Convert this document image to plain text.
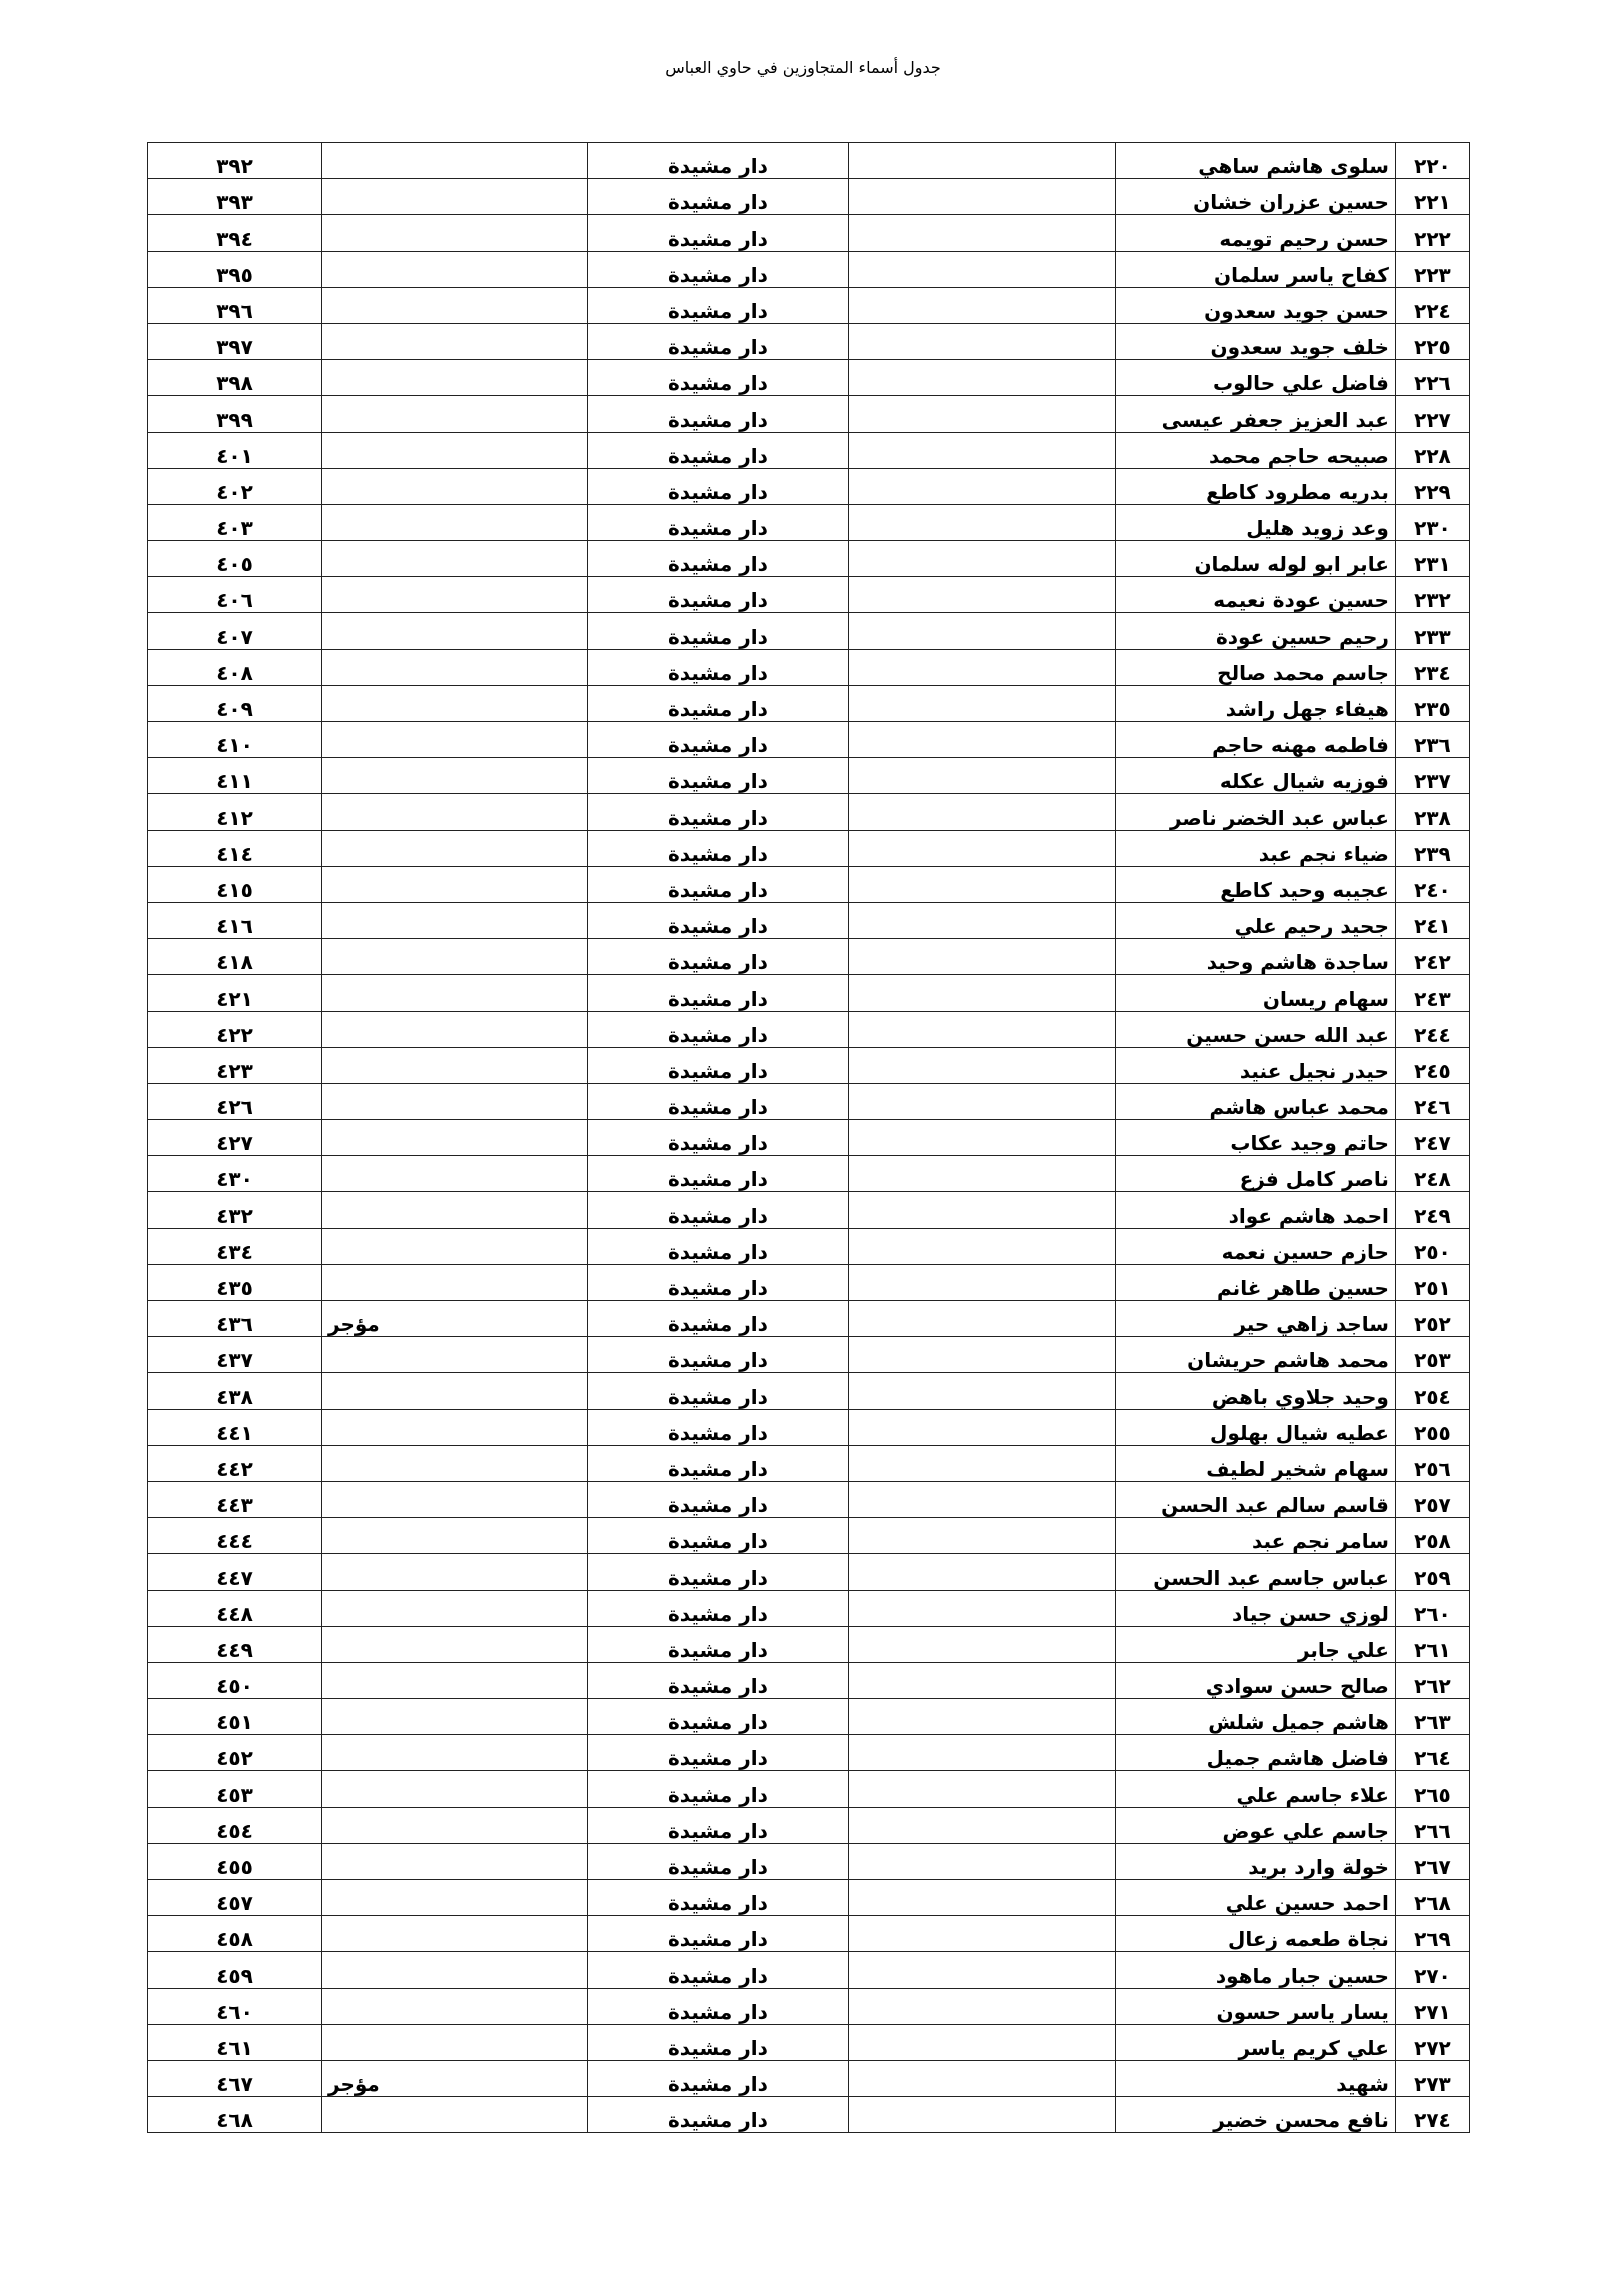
جدول أسماء المتجاوزين في حاوي العباس
٢٢٠	سلوى هاشم ساهي		دار مشيدة		٣٩٢
٢٢١	حسين عزران خشان		دار مشيدة		٣٩٣
٢٢٢	حسن رحيم تويمه		دار مشيدة		٣٩٤
٢٢٣	كفاح ياسر سلمان		دار مشيدة		٣٩٥
٢٢٤	حسن جويد سعدون		دار مشيدة		٣٩٦
٢٢٥	خلف جويد سعدون		دار مشيدة		٣٩٧
٢٢٦	فاضل علي حالوب		دار مشيدة		٣٩٨
٢٢٧	عبد العزيز جعفر عيسى		دار مشيدة		٣٩٩
٢٢٨	صبيحه حاجم محمد		دار مشيدة		٤٠١
٢٢٩	بدريه مطرود كاطع		دار مشيدة		٤٠٢
٢٣٠	وعد زويد هليل		دار مشيدة		٤٠٣
٢٣١	عابر ابو لوله سلمان		دار مشيدة		٤٠٥
٢٣٢	حسين عودة نعيمه		دار مشيدة		٤٠٦
٢٣٣	رحيم حسين عودة		دار مشيدة		٤٠٧
٢٣٤	جاسم محمد صالح		دار مشيدة		٤٠٨
٢٣٥	هيفاء جهل راشد		دار مشيدة		٤٠٩
٢٣٦	فاطمه مهنه حاجم		دار مشيدة		٤١٠
٢٣٧	فوزيه شيال عكله		دار مشيدة		٤١١
٢٣٨	عباس عبد الخضر ناصر		دار مشيدة		٤١٢
٢٣٩	ضياء نجم عبد		دار مشيدة		٤١٤
٢٤٠	عجيبه وحيد كاطع		دار مشيدة		٤١٥
٢٤١	جحيد رحيم علي		دار مشيدة		٤١٦
٢٤٢	ساجدة هاشم وحيد		دار مشيدة		٤١٨
٢٤٣	سهام ريسان		دار مشيدة		٤٢١
٢٤٤	عبد الله حسن حسين		دار مشيدة		٤٢٢
٢٤٥	حيدر نجيل عنيد		دار مشيدة		٤٢٣
٢٤٦	محمد عباس هاشم		دار مشيدة		٤٢٦
٢٤٧	حاتم وجيد عكاب		دار مشيدة		٤٢٧
٢٤٨	ناصر كامل فزع		دار مشيدة		٤٣٠
٢٤٩	احمد هاشم عواد		دار مشيدة		٤٣٢
٢٥٠	حازم حسين نعمه		دار مشيدة		٤٣٤
٢٥١	حسين طاهر غانم		دار مشيدة		٤٣٥
٢٥٢	ساجد زاهي حير		دار مشيدة	مؤجر	٤٣٦
٢٥٣	محمد هاشم حريشان		دار مشيدة		٤٣٧
٢٥٤	وحيد جلاوي باهض		دار مشيدة		٤٣٨
٢٥٥	عطيه شيال بهلول		دار مشيدة		٤٤١
٢٥٦	سهام شخير لطيف		دار مشيدة		٤٤٢
٢٥٧	قاسم سالم عبد الحسن		دار مشيدة		٤٤٣
٢٥٨	سامر نجم عبد		دار مشيدة		٤٤٤
٢٥٩	عباس جاسم عبد الحسن		دار مشيدة		٤٤٧
٢٦٠	لوزي حسن جياد		دار مشيدة		٤٤٨
٢٦١	علي جابر		دار مشيدة		٤٤٩
٢٦٢	صالح حسن سوادي		دار مشيدة		٤٥٠
٢٦٣	هاشم جميل شلش		دار مشيدة		٤٥١
٢٦٤	فاضل هاشم جميل		دار مشيدة		٤٥٢
٢٦٥	علاء جاسم علي		دار مشيدة		٤٥٣
٢٦٦	جاسم علي عوض		دار مشيدة		٤٥٤
٢٦٧	خولة وارد بريد		دار مشيدة		٤٥٥
٢٦٨	احمد حسين علي		دار مشيدة		٤٥٧
٢٦٩	نجاة طعمه زعال		دار مشيدة		٤٥٨
٢٧٠	حسين جبار ماهود		دار مشيدة		٤٥٩
٢٧١	يسار ياسر حسون		دار مشيدة		٤٦٠
٢٧٢	علي كريم ياسر		دار مشيدة		٤٦١
٢٧٣	شهيد		دار مشيدة	مؤجر	٤٦٧
٢٧٤	نافع محسن خضير		دار مشيدة		٤٦٨
